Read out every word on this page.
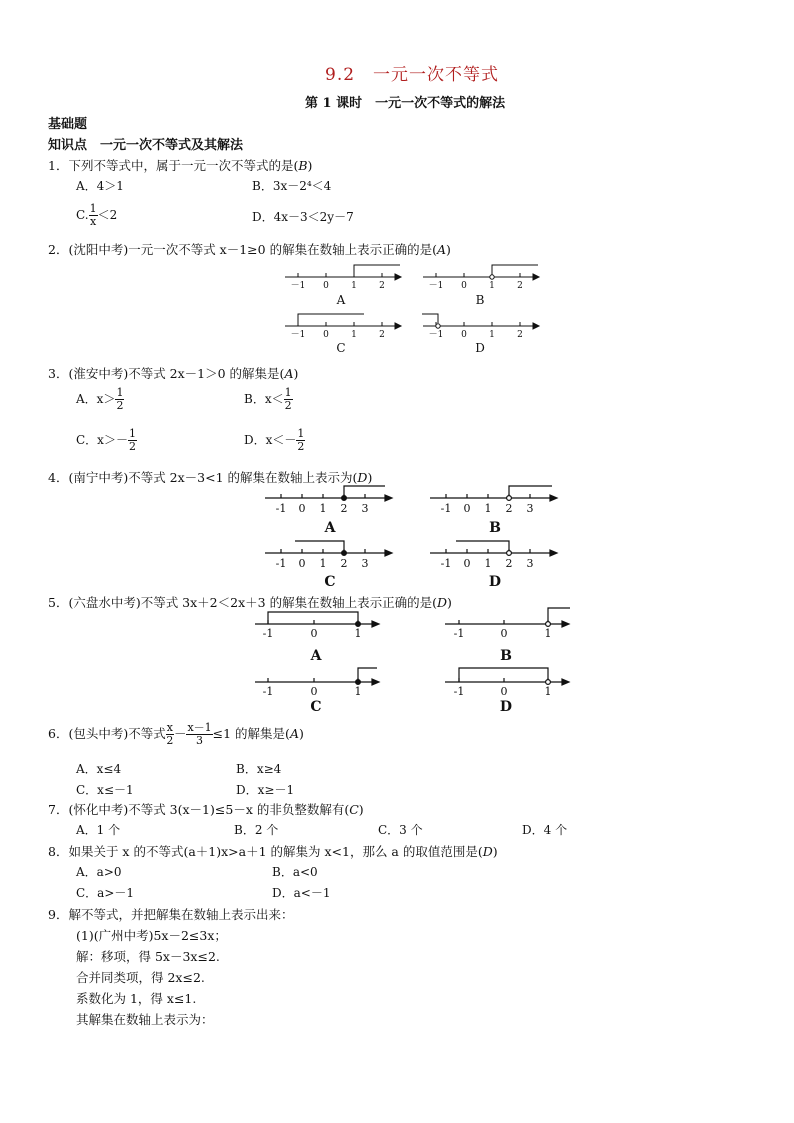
9.2　一元一次不等式
第 1 课时　一元一次不等式的解法
基础题
知识点　一元一次不等式及其解法
1．下列不等式中，属于一元一次不等式的是(B)
A．4＞1	B．3x－2⁴＜4
C. $\frac{1}{x} <2$	D．4x－3＜2y－7
2．(沈阳中考)一元一次不等式 x－1≥0 的解集在数轴上表示正确的是(A)
－1 0 1 2	－1 0 1 2
－1 0 1 2	－1 0 1 2
A	B
C	D
3．(淮安中考)不等式 2x－1＞0 的解集是(A)
A．$x> \frac{1}{2}$	B．$x< \frac{1}{2}$
C．$x>- \frac{1}{2}$	D．$x<- \frac{1}{2}$
4．(南宁中考)不等式 2x－3<1 的解集在数轴上表示为(D)
-1 0 1 2 3	-1 0 1 2 3
-1 0 1 2 3	-1 0 1 2 3
A	B
C	D
5．(六盘水中考)不等式 3x＋2＜2x＋3 的解集在数轴上表示正确的是(D)
-1	0	1	-1	0	1
-1	0	1	-1	0	1
A	B
C	D
6．(包头中考)不等式 $\frac{x}{2} - \frac{x-1}{3} \le 1$ 的解集是(A)
A．x≤4	B．x≥4
C．x≤－1	D．x≥－1
7．(怀化中考)不等式 3(x－1)≤5－x 的非负整数解有(C)
A．1 个	B．2 个	C．3 个	D．4 个
8．如果关于 x 的不等式(a＋1)x>a＋1 的解集为 x<1，那么 a 的取值范围是(D)
A．a>0	B．a<0
C．a>－1	D．a<－1
9．解不等式，并把解集在数轴上表示出来：
(1)(广州中考)5x－2≤3x；
解：移项，得 5x－3x≤2.
合并同类项，得 2x≤2.
系数化为 1，得 x≤1.
其解集在数轴上表示为：
